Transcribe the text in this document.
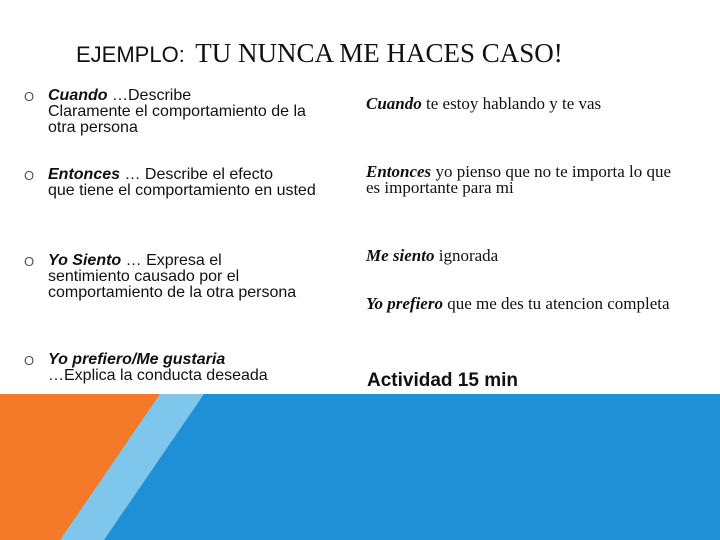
EJEMPLO: TU NUNCA ME HACES CASO!
O Cuando …Describe
Claramente el comportamiento de la otra persona
O Entonces … Describe el efecto
que tiene el comportamiento en usted
O Yo Siento … Expresa el
sentimiento causado por el comportamiento de la otra persona
O Yo prefiero/Me gustaria
…Explica la conducta deseada
Cuando te estoy hablando y te vas
Entonces yo pienso que no te importa lo que es importante para mi
Me siento ignorada
Yo prefiero que me des tu atencion completa
Actividad 15 min
